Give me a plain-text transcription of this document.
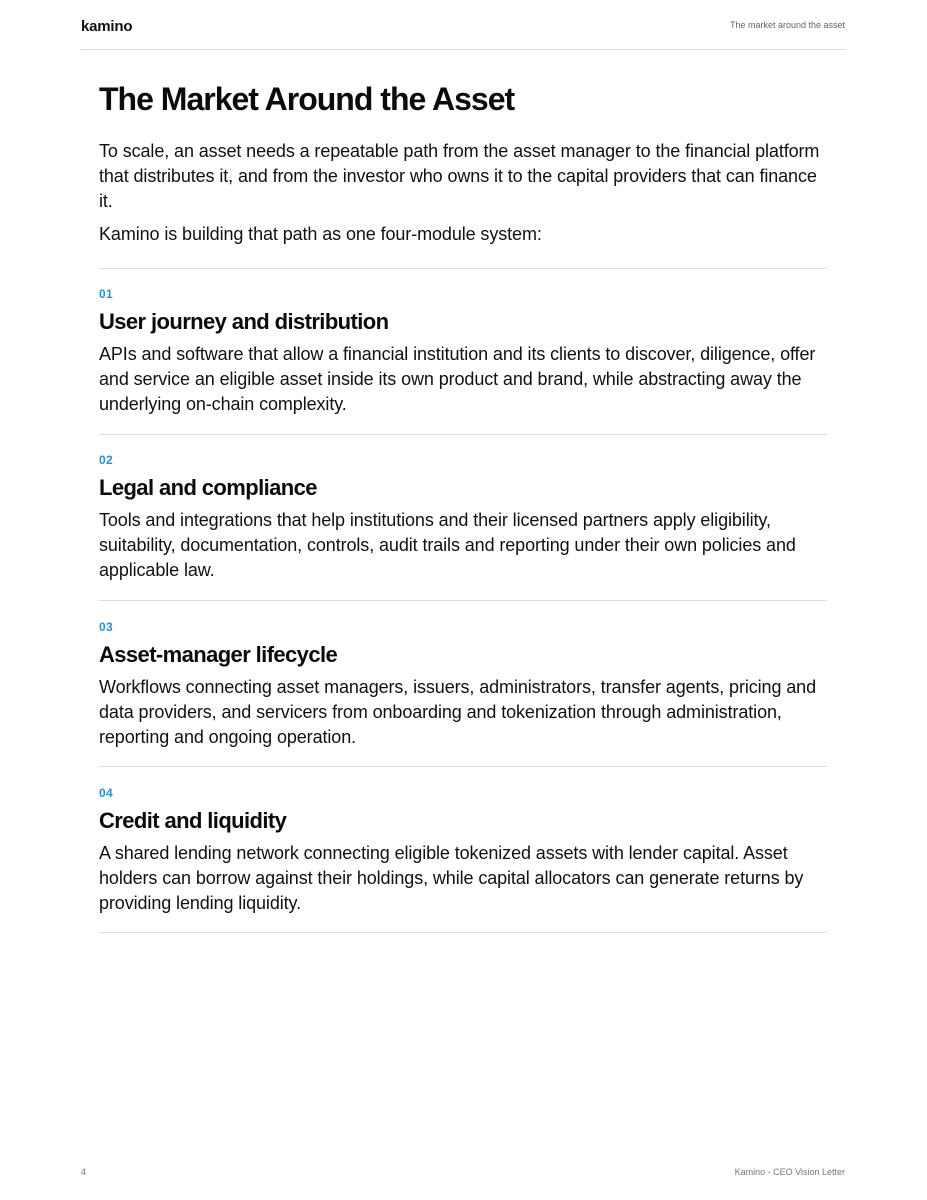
kamino	The market around the asset
The Market Around the Asset

To scale, an asset needs a repeatable path from the asset manager to the financial platform that distributes it, and from the investor who owns it to the capital providers that can finance it.

Kamino is building that path as one four-module system:

01
User journey and distribution

APIs and software that allow a financial institution and its clients to discover, diligence, offer and service an eligible asset inside its own product and brand, while abstracting away the underlying on-chain complexity.

02
Legal and compliance

Tools and integrations that help institutions and their licensed partners apply eligibility, suitability, documentation, controls, audit trails and reporting under their own policies and applicable law.

03
Asset-manager lifecycle

Workflows connecting asset managers, issuers, administrators, transfer agents, pricing and data providers, and servicers from onboarding and tokenization through administration, reporting and ongoing operation.

04
Credit and liquidity

A shared lending network connecting eligible tokenized assets with lender capital. Asset holders can borrow against their holdings, while capital allocators can generate returns by providing lending liquidity.

4	Kamino - CEO Vision Letter
